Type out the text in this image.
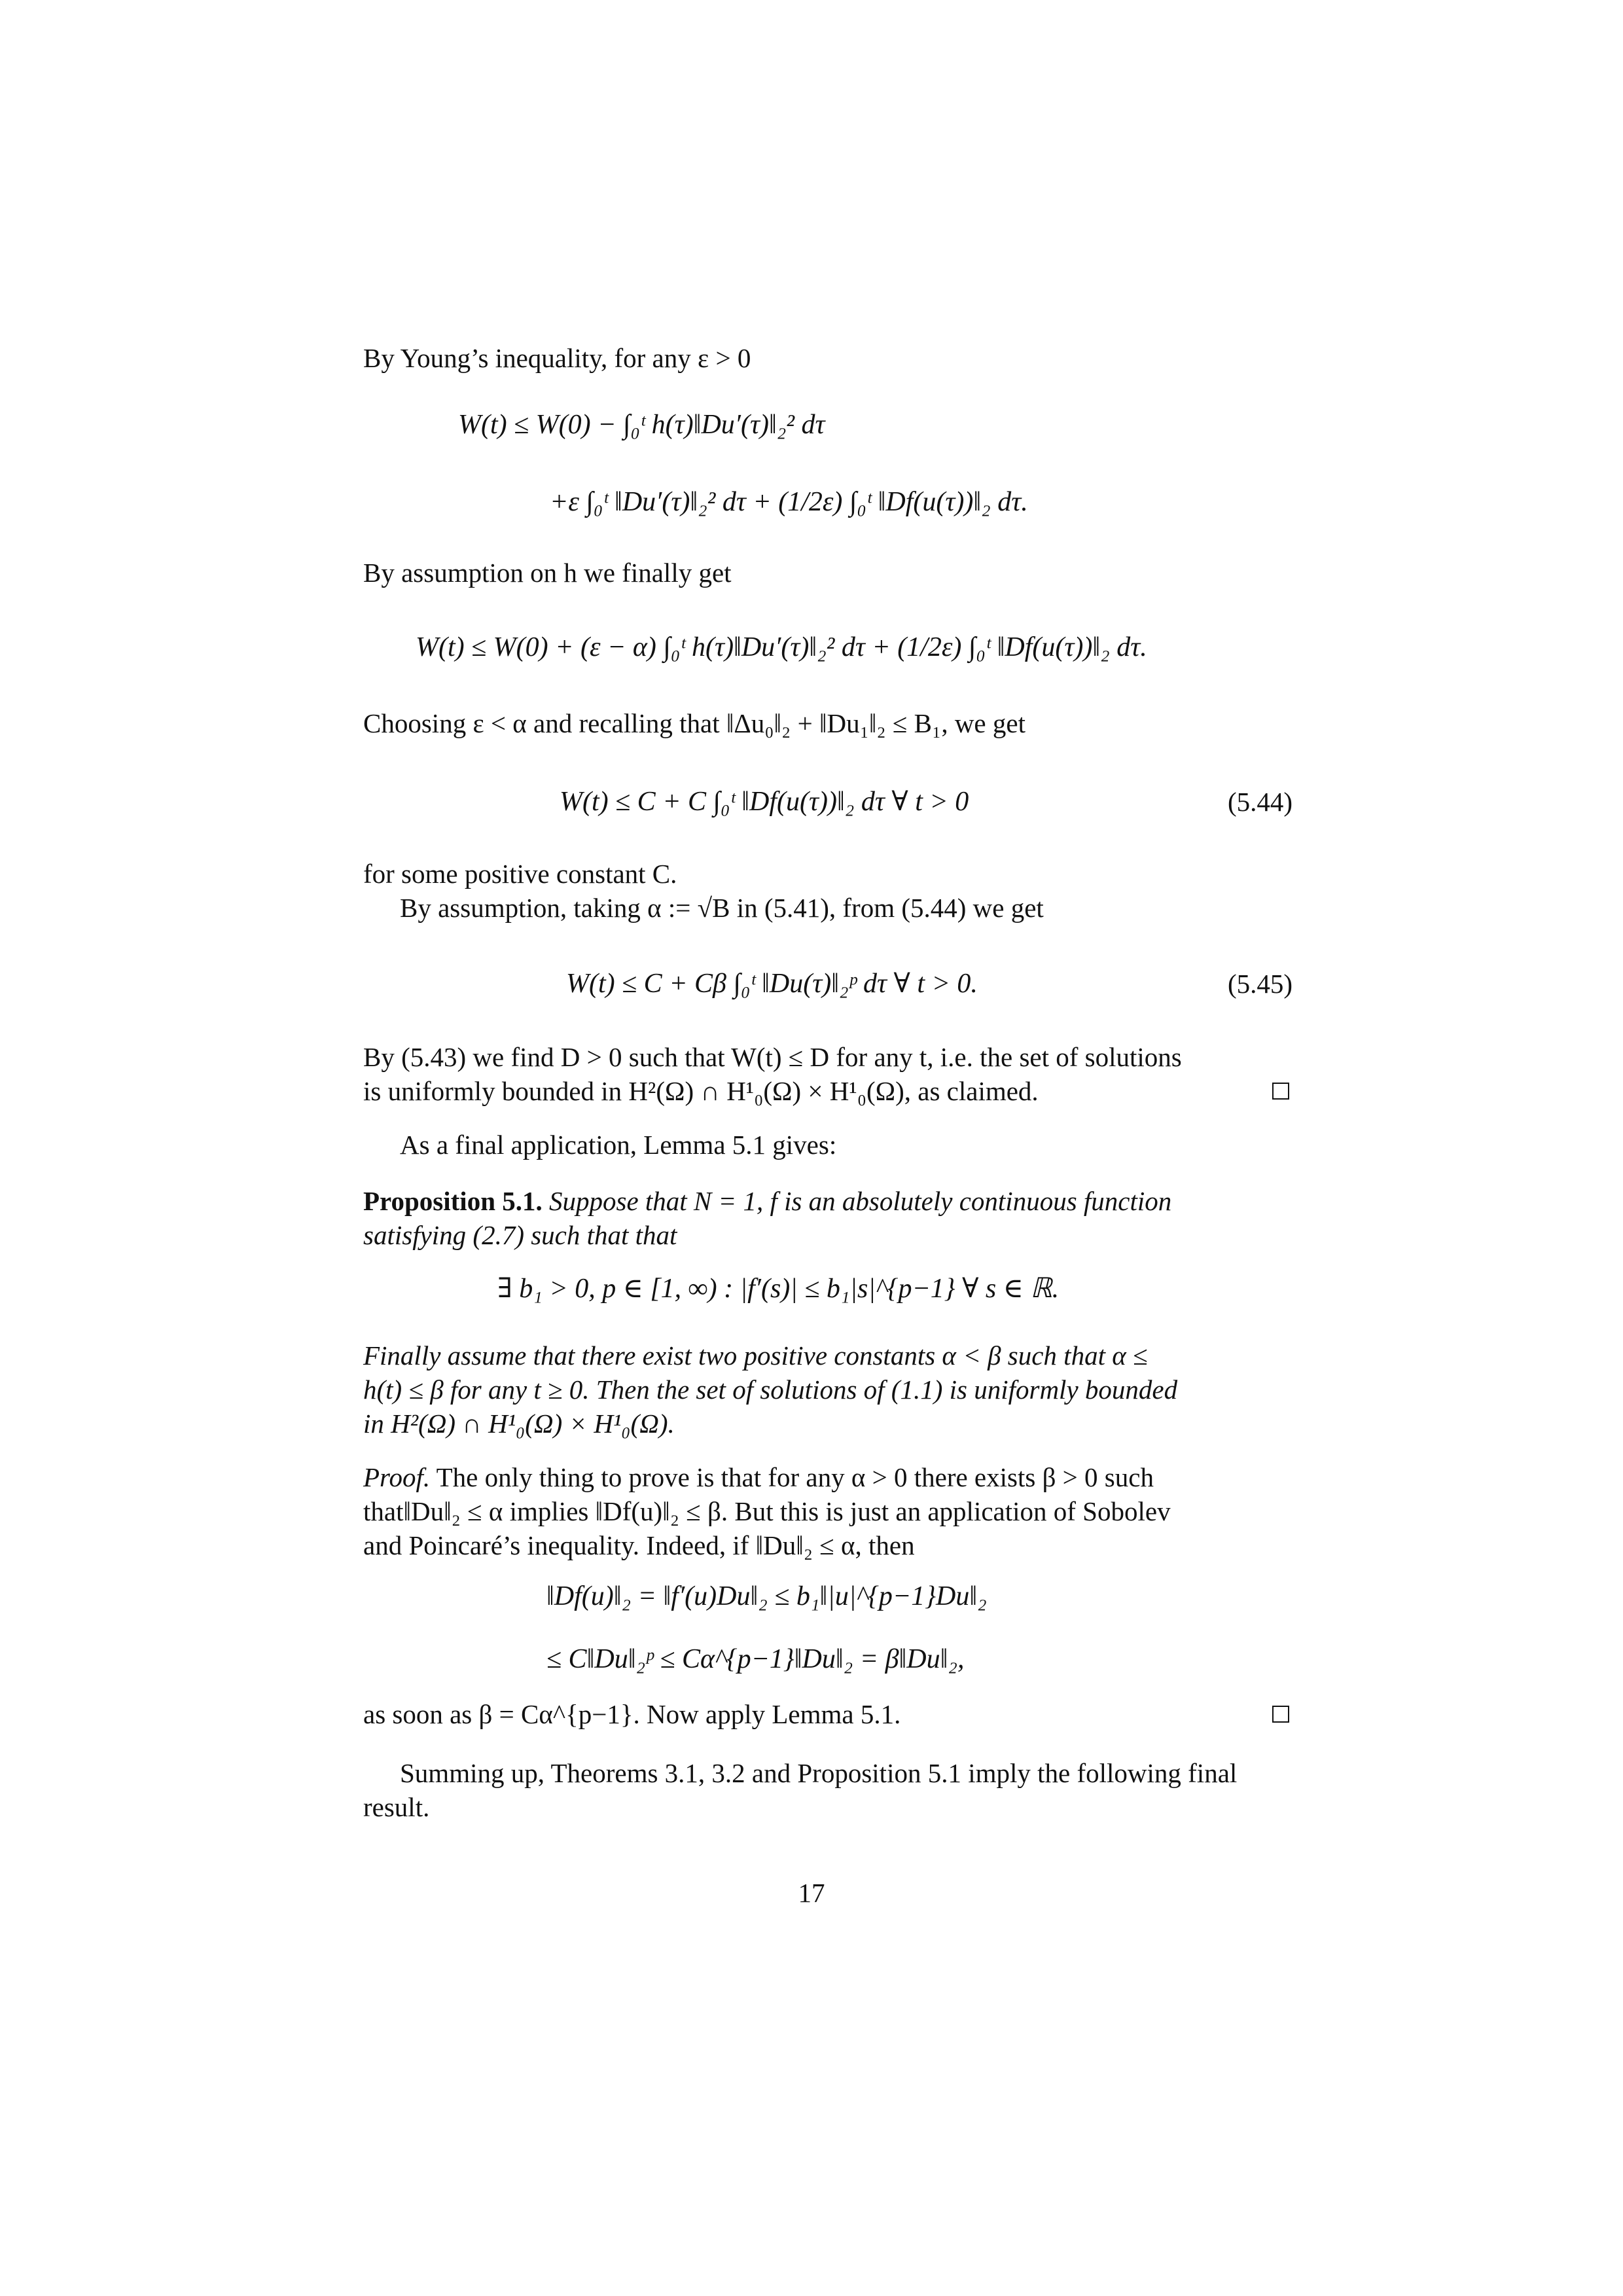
By Young’s inequality, for any ε > 0
W(t) ≤ W(0) − ∫₀ᵗ h(τ)‖Du′(τ)‖₂² dτ
+ε ∫₀ᵗ ‖Du′(τ)‖₂² dτ + (1/2ε) ∫₀ᵗ ‖Df(u(τ))‖₂ dτ.
By assumption on h we finally get
W(t) ≤ W(0) + (ε − α) ∫₀ᵗ h(τ)‖Du′(τ)‖₂² dτ + (1/2ε) ∫₀ᵗ ‖Df(u(τ))‖₂ dτ.
Choosing ε < α and recalling that ‖Δu₀‖₂ + ‖Du₁‖₂ ≤ B₁, we get
W(t) ≤ C + C ∫₀ᵗ ‖Df(u(τ))‖₂ dτ ∀ t > 0	(5.44)
for some positive constant C.
By assumption, taking α := √B in (5.41), from (5.44) we get
W(t) ≤ C + Cβ ∫₀ᵗ ‖Du(τ)‖₂ᵖ dτ ∀ t > 0.	(5.45)
By (5.43) we find D > 0 such that W(t) ≤ D for any t, i.e. the set of solutions
is uniformly bounded in H²(Ω) ∩ H¹₀(Ω) × H¹₀(Ω), as claimed.
As a final application, Lemma 5.1 gives:
Proposition 5.1. Suppose that N = 1, f is an absolutely continuous function
satisfying (2.7) such that that
∃ b₁ > 0, p ∈ [1, ∞) : |f′(s)| ≤ b₁|s|^{p−1} ∀ s ∈ ℝ.
Finally assume that there exist two positive constants α < β such that α ≤
h(t) ≤ β for any t ≥ 0. Then the set of solutions of (1.1) is uniformly bounded
in H²(Ω) ∩ H¹₀(Ω) × H¹₀(Ω).
Proof. The only thing to prove is that for any α > 0 there exists β > 0 such
that‖Du‖₂ ≤ α implies ‖Df(u)‖₂ ≤ β. But this is just an application of Sobolev
and Poincaré’s inequality. Indeed, if ‖Du‖₂ ≤ α, then
‖Df(u)‖₂ = ‖f′(u)Du‖₂ ≤ b₁‖|u|^{p−1}Du‖₂
≤ C‖Du‖₂ᵖ ≤ Cα^{p−1}‖Du‖₂ = β‖Du‖₂,
as soon as β = Cα^{p−1}. Now apply Lemma 5.1.
Summing up, Theorems 3.1, 3.2 and Proposition 5.1 imply the following final
result.
17
